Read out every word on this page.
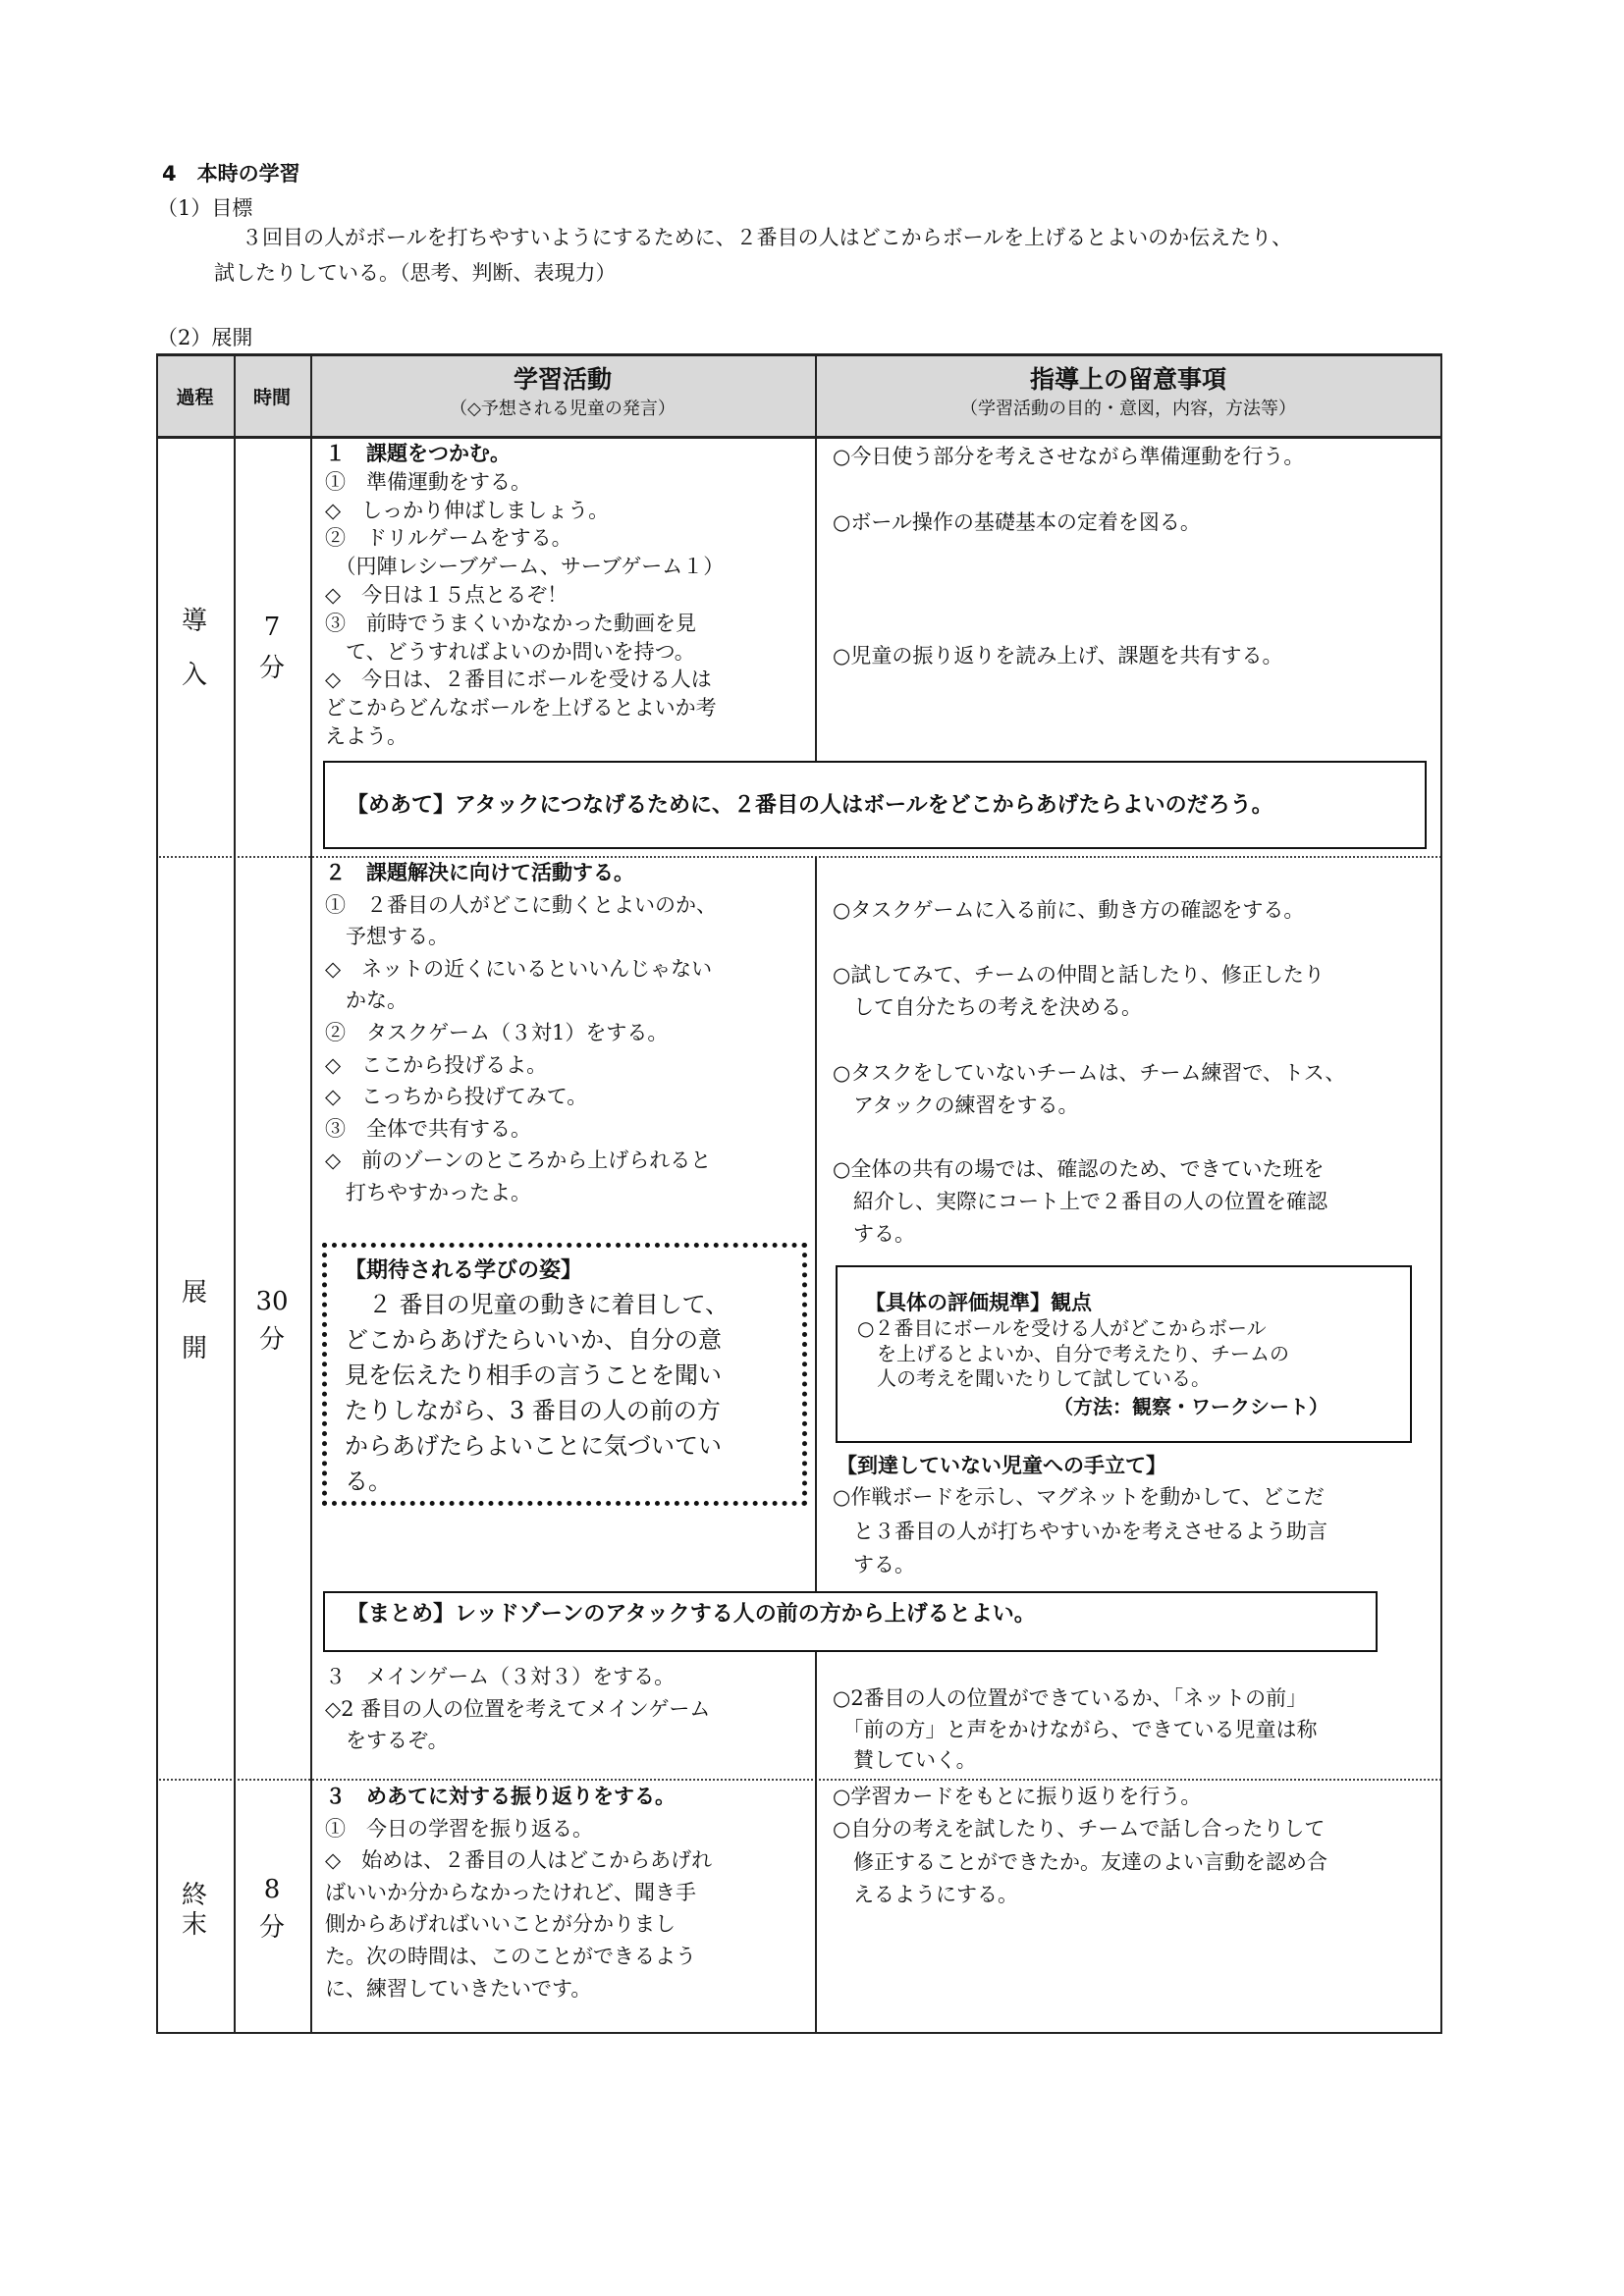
4　本時の学習
（1）目標
３回目の人がボールを打ちやすいようにするために、２番目の人はどこからボールを上げるとよいのか伝えたり、
試したりしている。（思考、判断、表現力）
（2）展開
過程	時間
学習活動
（◇予想される児童の発言）
指導上の留意事項
（学習活動の目的・意図，内容，方法等）
導
入
7
分
１　課題をつかむ。
①　準備運動をする。
◇　しっかり伸ばしましょう。
②　ドリルゲームをする。
　（円陣レシーブゲーム、サーブゲーム１）
◇　今日は１５点とるぞ！
③　前時でうまくいかなかった動画を見
　て、どうすればよいのか問いを持つ。
◇　今日は、２番目にボールを受ける人は
どこからどんなボールを上げるとよいか考
えよう。
○今日使う部分を考えさせながら準備運動を行う。
○ボール操作の基礎基本の定着を図る。
○児童の振り返りを読み上げ、課題を共有する。
【めあて】アタックにつなげるために、２番目の人はボールをどこからあげたらよいのだろう。
展
開
30
分
２　課題解決に向けて活動する。
①　２番目の人がどこに動くとよいのか、
　予想する。
◇　ネットの近くにいるといいんじゃない
　かな。
②　タスクゲーム（３対1）をする。
◇　ここから投げるよ。
◇　こっちから投げてみて。
③　全体で共有する。
◇　前のゾーンのところから上げられると
　打ちやすかったよ。
【期待される学びの姿】
　２ 番目の児童の動きに着目して、
どこからあげたらいいか、自分の意
見を伝えたり相手の言うことを聞い
たりしながら、3 番目の人の前の方
からあげたらよいことに気づいてい
る。
○タスクゲームに入る前に、動き方の確認をする。
○試してみて、チームの仲間と話したり、修正したり
　して自分たちの考えを決める。
○タスクをしていないチームは、チーム練習で、トス、
　アタックの練習をする。
○全体の共有の場では、確認のため、できていた班を
　紹介し、実際にコート上で２番目の人の位置を確認
　する。
【具体の評価規準】観点
○２番目にボールを受ける人がどこからボール
　を上げるとよいか、自分で考えたり、チームの
　人の考えを聞いたりして試している。
（方法：観察・ワークシート）
【到達していない児童への手立て】
○作戦ボードを示し、マグネットを動かして、どこだ
　と３番目の人が打ちやすいかを考えさせるよう助言
　する。
【まとめ】レッドゾーンのアタックする人の前の方から上げるとよい。
３　メインゲーム（３対３）をする。
◇2 番目の人の位置を考えてメインゲーム
　をするぞ。
○2番目の人の位置ができているか、「ネットの前」
　「前の方」と声をかけながら、できている児童は称
　賛していく。
終
末
8
分
３　めあてに対する振り返りをする。
①　今日の学習を振り返る。
◇　始めは、２番目の人はどこからあげれ
ばいいか分からなかったけれど、聞き手
側からあげればいいことが分かりまし
た。次の時間は、このことができるよう
に、練習していきたいです。
○学習カードをもとに振り返りを行う。
○自分の考えを試したり、チームで話し合ったりして
　修正することができたか。友達のよい言動を認め合
　えるようにする。
